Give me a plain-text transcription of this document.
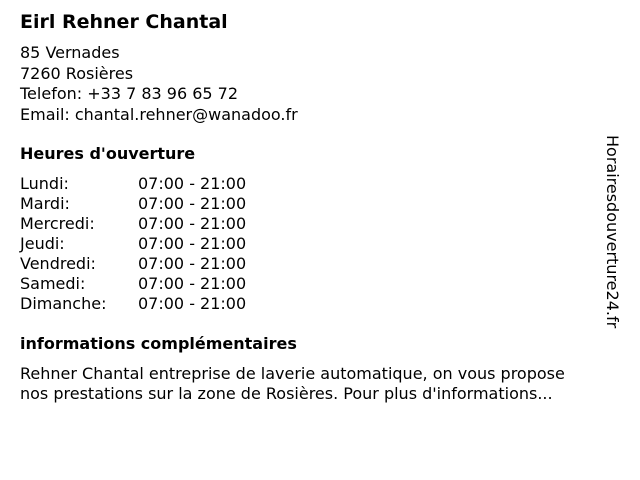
Eirl Rehner Chantal
85 Vernades
7260 Rosières
Telefon: +33 7 83 96 65 72
Email: chantal.rehner@wanadoo.fr
Heures d'ouverture
Lundi:	07:00 - 21:00
Mardi:	07:00 - 21:00
Mercredi:	07:00 - 21:00
Jeudi:	07:00 - 21:00
Vendredi:	07:00 - 21:00
Samedi:	07:00 - 21:00
Dimanche:	07:00 - 21:00
informations complémentaires
Rehner Chantal entreprise de laverie automatique, on vous propose
nos prestations sur la zone de Rosières. Pour plus d'informations...
Horairesdouverture24.fr
